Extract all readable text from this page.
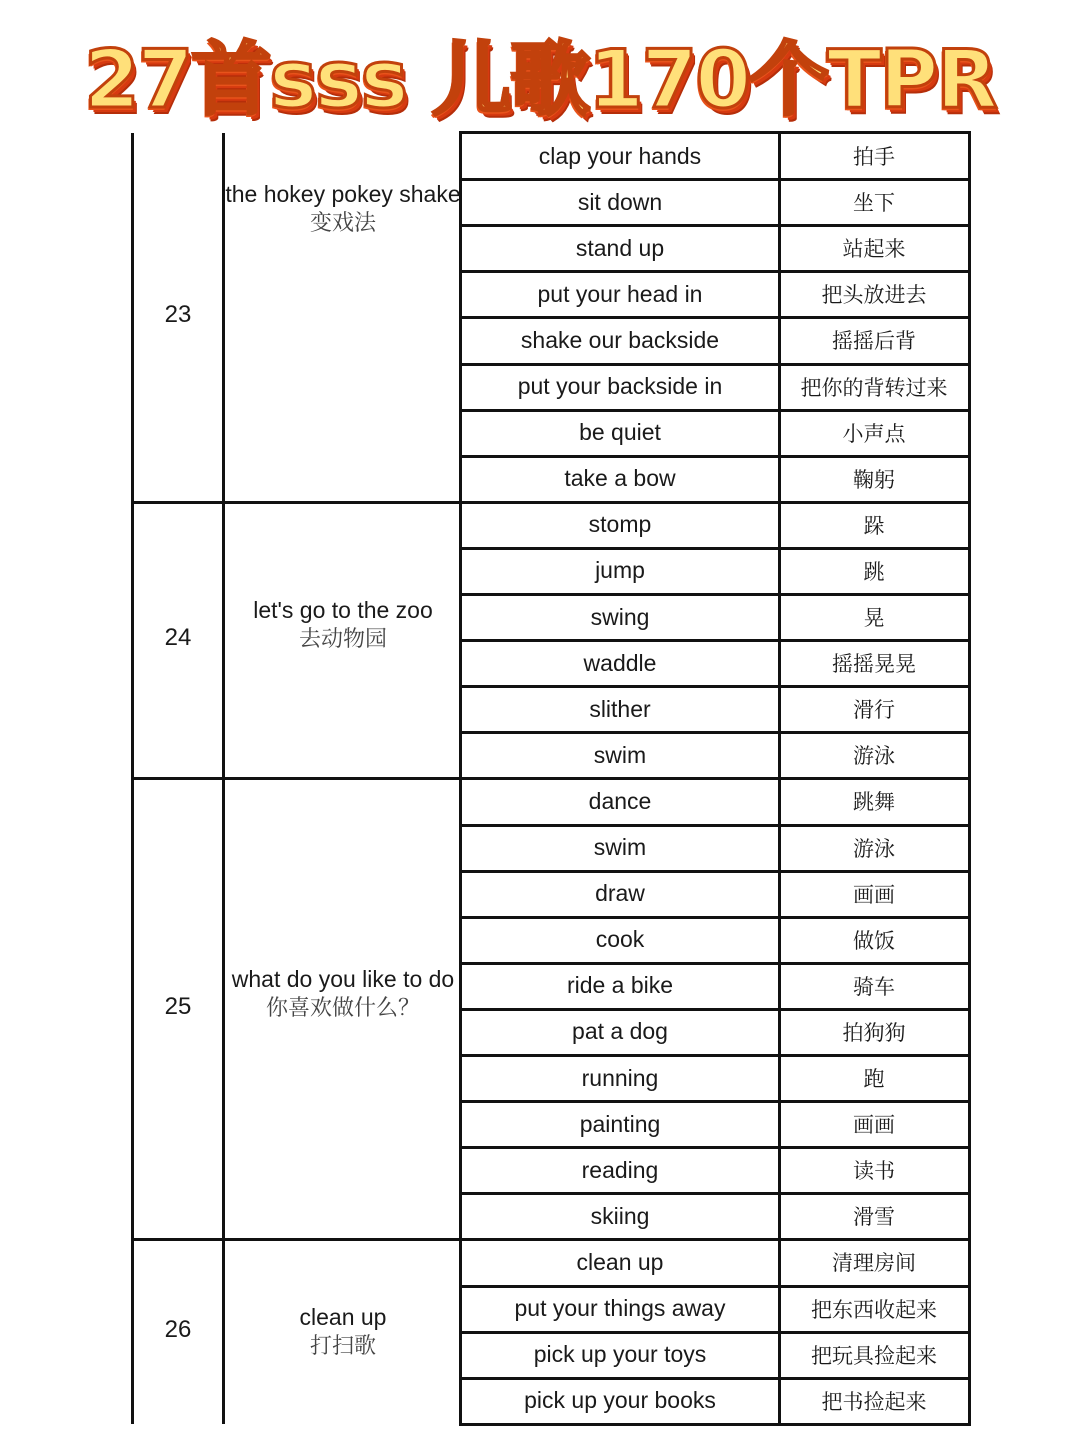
23
the hokey pokey shake
变戏法
clap your hands	拍手
sit down	坐下
stand up	站起来
put your head in	把头放进去
shake our backside	摇摇后背
put your backside in	把你的背转过来
be quiet	小声点
take a bow	鞠躬
24
let's go to the zoo
去动物园
stomp	跺
jump	跳
swing	晃
waddle	摇摇晃晃
slither	滑行
swim	游泳
25
what do you like to do
你喜欢做什么？
dance	跳舞
swim	游泳
draw	画画
cook	做饭
ride a bike	骑车
pat a dog	拍狗狗
running	跑
painting	画画
reading	读书
skiing	滑雪
26	clean up
打扫歌
clean up	清理房间
put your things away	把东西收起来
pick up your toys	把玩具捡起来
pick up your books	把书捡起来
27首sss 儿歌170个TPR
